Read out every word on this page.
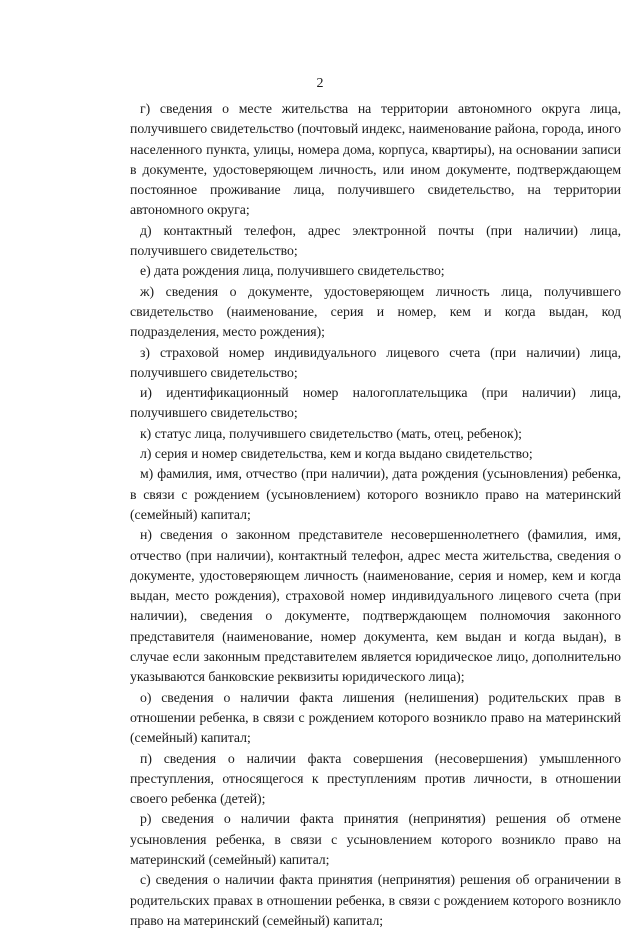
2

г) сведения о месте жительства на территории автономного округа лица, получившего свидетельство (почтовый индекс, наименование района, города, иного населенного пункта, улицы, номера дома, корпуса, квартиры), на основании записи в документе, удостоверяющем личность, или ином документе, подтверждающем постоянное проживание лица, получившего свидетельство, на территории автономного округа;

д) контактный телефон, адрес электронной почты (при наличии) лица, получившего свидетельство;

е) дата рождения лица, получившего свидетельство;

ж) сведения о документе, удостоверяющем личность лица, получившего свидетельство (наименование, серия и номер, кем и когда выдан, код подразделения, место рождения);

з) страховой номер индивидуального лицевого счета (при наличии) лица, получившего свидетельство;

и) идентификационный номер налогоплательщика (при наличии) лица, получившего свидетельство;

к) статус лица, получившего свидетельство (мать, отец, ребенок);

л) серия и номер свидетельства, кем и когда выдано свидетельство;

м) фамилия, имя, отчество (при наличии), дата рождения (усыновления) ребенка, в связи с рождением (усыновлением) которого возникло право на материнский (семейный) капитал;

н) сведения о законном представителе несовершеннолетнего (фамилия, имя, отчество (при наличии), контактный телефон, адрес места жительства, сведения о документе, удостоверяющем личность (наименование, серия и номер, кем и когда выдан, место рождения), страховой номер индивидуального лицевого счета (при наличии), сведения о документе, подтверждающем полномочия законного представителя (наименование, номер документа, кем выдан и когда выдан), в случае если законным представителем является юридическое лицо, дополнительно указываются банковские реквизиты юридического лица);

о) сведения о наличии факта лишения (нелишения) родительских прав в отношении ребенка, в связи с рождением которого возникло право на материнский (семейный) капитал;

п) сведения о наличии факта совершения (несовершения) умышленного преступления, относящегося к преступлениям против личности, в отношении своего ребенка (детей);

р) сведения о наличии факта принятия (непринятия) решения об отмене усыновления ребенка, в связи с усыновлением которого возникло право на материнский (семейный) капитал;

с) сведения о наличии факта принятия (непринятия) решения об ограничении в родительских правах в отношении ребенка, в связи с рождением которого возникло право на материнский (семейный) капитал;
